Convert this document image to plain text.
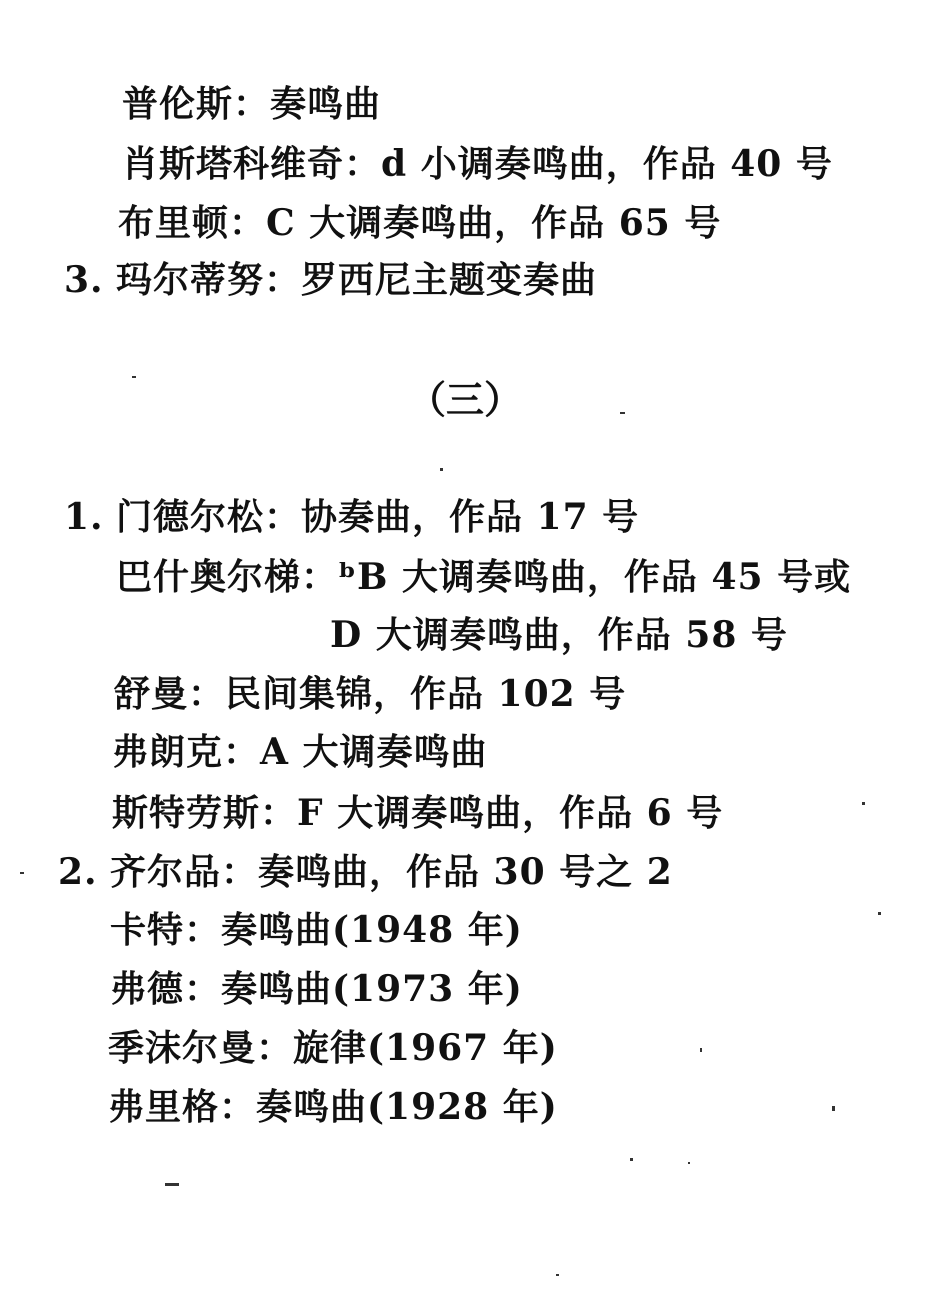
普伦斯：奏鸣曲
肖斯塔科维奇：d 小调奏鸣曲，作品 40 号
布里顿：C 大调奏鸣曲，作品 65 号
3. 玛尔蒂努：罗西尼主题变奏曲
（三）
1. 门德尔松：协奏曲，作品 17 号
巴什奥尔梯：ᵇB 大调奏鸣曲，作品 45 号或
D 大调奏鸣曲，作品 58 号
舒曼：民间集锦，作品 102 号
弗朗克：A 大调奏鸣曲
斯特劳斯：F 大调奏鸣曲，作品 6 号
2. 齐尔品：奏鸣曲，作品 30 号之 2
卡特：奏鸣曲(1948 年)
弗德：奏鸣曲(1973 年)
季沫尔曼：旋律(1967 年)
弗里格：奏鸣曲(1928 年)
